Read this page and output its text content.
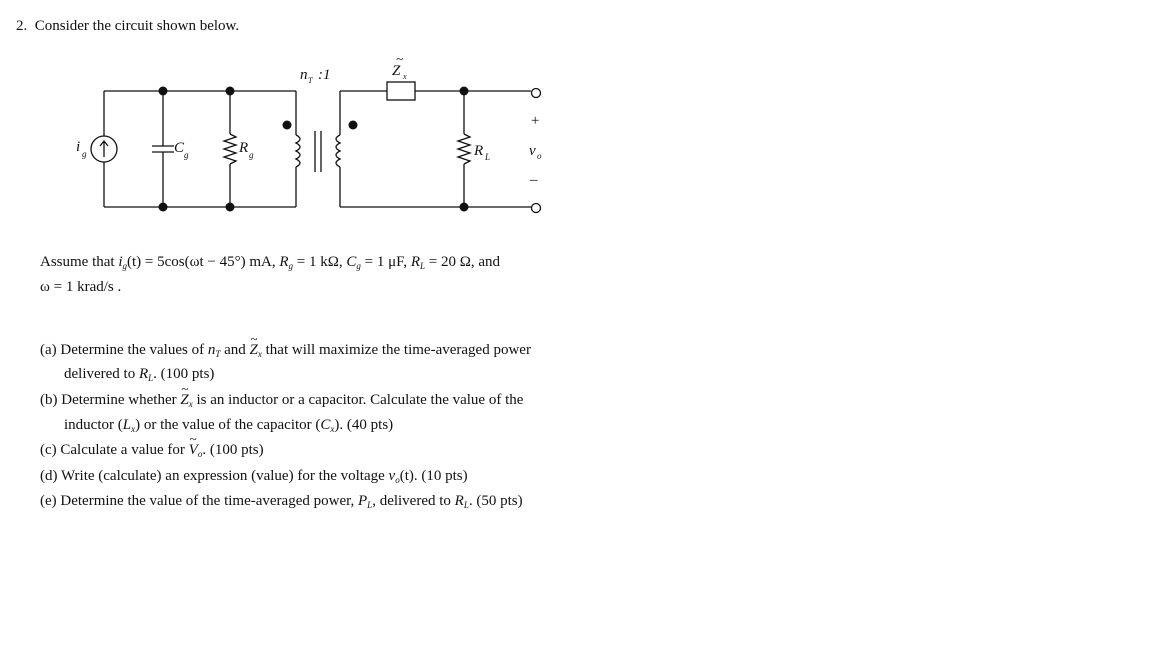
2. Consider the circuit shown below.
i g	C g	R g
n T :1
~
Z x
R L
+
v o
–
Assume that $i_g(t) = 5\cos(\omega t - 45^\circ)$ mA, $R_g = 1$ kΩ, $C_g = 1$ μF, $R_L = 20$ Ω, and
ω = 1 krad/s .
(a) Determine the values of $n_T$ and ~ $Z_x$ that will maximize the time-averaged power
delivered to $R_L$. (100 pts)
(b) Determine whether ~ $Z_x$ is an inductor or a capacitor. Calculate the value of the
inductor $(L_x)$ or the value of the capacitor $(C_x)$. (40 pts)
(c) Calculate a value for ~ $V_o$. (100 pts)
(d) Write (calculate) an expression (value) for the voltage $v_o(t)$. (10 pts)
(e) Determine the value of the time-averaged power, $P_L$, delivered to $R_L$. (50 pts)
